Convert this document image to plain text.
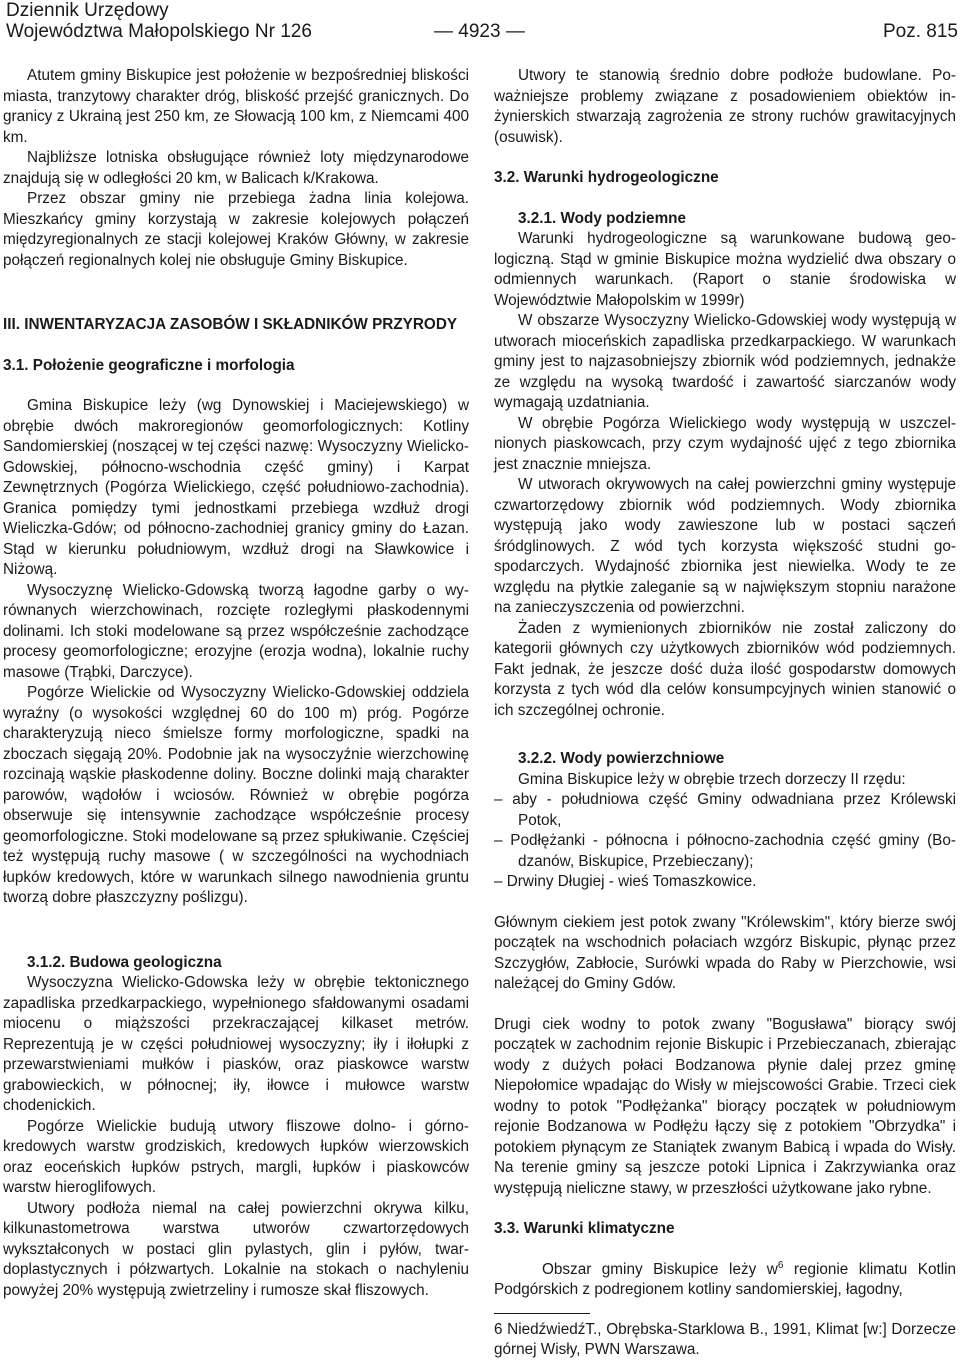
Dziennik Urzędowy
Województwa Małopolskiego Nr 126	— 4923 —	Poz. 815

Atutem gminy Biskupice jest położenie w bezpośredniej bliskości miasta, tranzytowy charakter dróg, bliskość przejść granicznych. Do granicy z Ukrainą jest 250 km, ze Słowacją 100 km, z Niemcami 400 km.

Najbliższe lotniska obsługujące również loty międzynarodowe znajdują się w odległości 20 km, w Balicach k/Krakowa.

Przez obszar gminy nie przebiega żadna linia kolejowa. Mieszkańcy gminy korzystają w zakresie kolejowych połączeń międzyregionalnych ze stacji kolejowej Kraków Główny, w zakresie połączeń regionalnych kolej nie obsługuje Gminy Biskupice.

III. INWENTARYZACJA ZASOBÓW I SKŁADNIKÓW PRZYRODY
3.1. Położenie geograficzne i morfologia

Gmina Biskupice leży (wg Dynowskiej i Maciejewskiego) w obrębie dwóch makroregionów geomorfologicznych: Kotliny Sandomierskiej (noszącej w tej części nazwę: Wysoczyzny Wielicko-Gdowskiej, północno-wschodnia część gminy) i Karpat Zewnętrznych (Pogórza Wielickiego, część południowo-zachodnia). Granica pomiędzy tymi jednostkami przebiega wzdłuż drogi Wieliczka-Gdów; od północno-zachodniej granicy gminy do Łazan. Stąd w kierunku południowym, wzdłuż drogi na Sławkowice i Niżową.

Wysoczyznę Wielicko-Gdowską tworzą łagodne garby o wyrównanych wierzchowinach, rozcięte rozległymi płaskodennymi dolinami. Ich stoki modelowane są przez współcześnie zachodzące procesy geomorfologiczne; erozyjne (erozja wodna), lokalnie ruchy masowe (Trąbki, Darczyce).

Pogórze Wielickie od Wysoczyzny Wielicko-Gdowskiej oddziela wyraźny (o wysokości względnej 60 do 100 m) próg. Pogórze charakteryzują nieco śmielsze formy morfologiczne, spadki na zboczach sięgają 20%. Podobnie jak na wysoczyźnie wierzchowinę rozcinają wąskie płaskodenne doliny. Boczne dolinki mają charakter parowów, wądołów i wciosów. Również w obrębie pogórza obserwuje się intensywnie zachodzące współcześnie procesy geomorfologiczne. Stoki modelowane są przez spłukiwanie. Częściej też występują ruchy masowe ( w szczególności na wychodniach łupków kredowych, które w warunkach silnego nawodnienia gruntu tworzą dobre płaszczyzny poślizgu).

3.1.2. Budowa geologiczna

Wysoczyzna Wielicko-Gdowska leży w obrębie tektonicznego zapadliska przedkarpackiego, wypełnionego sfałdowanymi osadami miocenu o miąższości przekraczającej kilkaset metrów. Reprezentują je w części południowej wysoczyzny; iły i iłołupki z przewarstwieniami mułków i piasków, oraz piaskowce warstw grabowieckich, w północnej; iły, iłowce i mułowce warstw chodenickich.

Pogórze Wielickie budują utwory fliszowe dolno- i górnokredowych warstw grodziskich, kredowych łupków wierzowskich oraz eoceńskich łupków pstrych, margli, łupków i piaskowców warstw hieroglifowych.

Utwory podłoża niemal na całej powierzchni okrywa kilku, kilkunastometrowa warstwa utworów czwartorzędowych wykształconych w postaci glin pylastych, glin i pyłów, twardoplastycznych i półzwartych. Lokalnie na stokach o nachyleniu powyżej 20% występują zwietrzeliny i rumosze skał fliszowych.

Utwory te stanowią średnio dobre podłoże budowlane. Poważniejsze problemy związane z posadowieniem obiektów inżynierskich stwarzają zagrożenia ze strony ruchów grawitacyjnych (osuwisk).

3.2. Warunki hydrogeologiczne
3.2.1. Wody podziemne

Warunki hydrogeologiczne są warunkowane budową geologiczną. Stąd w gminie Biskupice można wydzielić dwa obszary o odmiennych warunkach. (Raport o stanie środowiska w Województwie Małopolskim w 1999r)

W obszarze Wysoczyzny Wielicko-Gdowskiej wody występują w utworach mioceńskich zapadliska przedkarpackiego. W warunkach gminy jest to najzasobniejszy zbiornik wód podziemnych, jednakże ze względu na wysoką twardość i zawartość siarczanów wody wymagają uzdatniania.

W obrębie Pogórza Wielickiego wody występują w uszczelnionych piaskowcach, przy czym wydajność ujęć z tego zbiornika jest znacznie mniejsza.

W utworach okrywowych na całej powierzchni gminy występuje czwartorzędowy zbiornik wód podziemnych. Wody zbiornika występują jako wody zawieszone lub w postaci sączeń śródglinowych. Z wód tych korzysta większość studni gospodarczych. Wydajność zbiornika jest niewielka. Wody te ze względu na płytkie zaleganie są w największym stopniu narażone na zanieczyszczenia od powierzchni.

Żaden z wymienionych zbiorników nie został zaliczony do kategorii głównych czy użytkowych zbiorników wód podziemnych. Fakt jednak, że jeszcze dość duża ilość gospodarstw domowych korzysta z tych wód dla celów konsumpcyjnych winien stanowić o ich szczególnej ochronie.

3.2.2. Wody powierzchniowe

Gmina Biskupice leży w obrębie trzech dorzeczy II rzędu:

– aby - południowa część Gminy odwadniana przez Królewski Potok,
– Podłężanki - północna i północno-zachodnia część gminy (Bodzanów, Biskupice, Przebieczany);
– Drwiny Długiej - wieś Tomaszkowice.

Głównym ciekiem jest potok zwany "Królewskim", który bierze swój początek na wschodnich połaciach wzgórz Biskupic, płynąc przez Szczygłów, Zabłocie, Surówki wpada do Raby w Pierzchowie, wsi należącej do Gminy Gdów.

Drugi ciek wodny to potok zwany "Bogusława" biorący swój początek w zachodnim rejonie Biskupic i Przebieczanach, zbierając wody z dużych połaci Bodzanowa płynie dalej przez gminę Niepołomice wpadając do Wisły w miejscowości Grabie. Trzeci ciek wodny to potok "Podłężanka" biorący początek w południowym rejonie Bodzanowa w Podłężu łączy się z potokiem "Obrzydka" i potokiem płynącym ze Staniątek zwanym Babicą i wpada do Wisły. Na terenie gminy są jeszcze potoki Lipnica i Zakrzywianka oraz występują nieliczne stawy, w przeszłości użytkowane jako rybne.

3.3. Warunki klimatyczne

Obszar gminy Biskupice leży $w^6$ regionie klimatu Kotlin Podgórskich z podregionem kotliny sandomierskiej, łagodny,

6 NiedźwiedźT., Obrębska-Starklowa B., 1991, Klimat [w:] Dorzecze górnej Wisły, PWN Warszawa.
